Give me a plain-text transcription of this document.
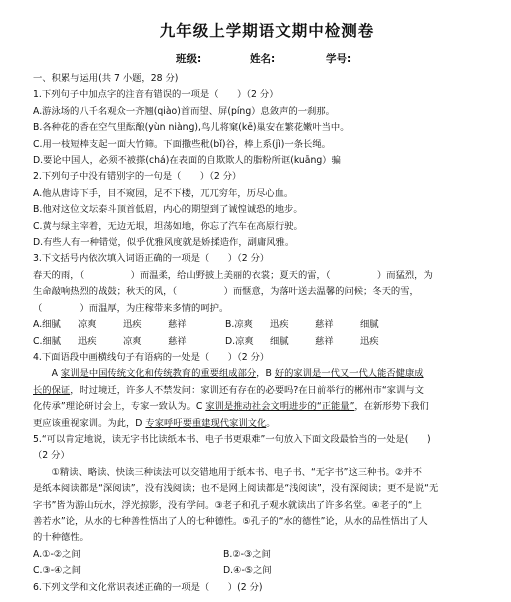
九年级上学期语文期中检测卷
班级:	姓名:	学号:
一、积累与运用(共 7 小题，28 分)
1.下列句子中加点字的注音有错误的一项是（　　）（2 分）
A.游泳场的八千名观众一齐翘(qiào)首而望、屏(píng）息敛声的一刹那。
B.各种花的香在空气里酝酿(yùn niàng),鸟儿将窠(kē)巢安在繁花嫩叶当中。
C.用一枝短棒支起一面大竹筛。下面撒些秕(bǐ)谷，棒上系(jì)一条长绳。
D.要论中国人，必须不被搽(chá)在表面的自欺欺人的脂粉所诓(kuāng）骗
2.下列句子中没有错别字的一句是（　　）（2 分）
A.他从唐诗下手，目不窥园，足不下楼，兀兀穷年，历尽心血。
B.他对这位文坛泰斗顶首低眉，内心的期望到了诚惶诚恐的地步。
C.黄与绿主宰着，无边无垠，坦荡如地，你忘了汽车在高原行驶。
D.有些人有一种错觉，似乎优雅风度就是娇揉造作，副庸风雅。
3.下文括号内依次填入词语正确的一项是（　　）（2 分）
春天的雨，（　　　　　）而温柔，给山野披上美丽的衣裳；夏天的雷，（　　　　　）而猛烈，为
生命敲响热烈的战鼓；秋天的风，（　　　　　）而惬意，为落叶送去温馨的问候；冬天的雪，
（　　　　）而温厚，为庄稼带来多情的呵护。
A.细腻 凉爽	迅疾	慈祥	B.凉爽 迅疾	慈祥	细腻
C.细腻 迅疾	凉爽	慈祥	D.凉爽 细腻	慈祥	迅疾
4.下面语段中画横线句子有语病的一处是（　　）（2 分）
A 家训是中国传统文化和传统教育的重要组成部分，B 好的家训是一代又一代人能否健康成
长的保证，时过境迁，许多人不禁发问：家训还有存在的必要吗?在日前举行的郴州市“家训与文
化传承”理论研讨会上，专家一致认为。C 家训是推动社会文明进步的“正能量”，在新形势下我们
更应该重视家训。为此，D 专家呼吁要重建现代家训文化。
5.“可以肯定地说，读无字书比读纸本书、电子书更艰难”一句放入下面文段最恰当的一处是(　　)
（2 分）
①精读、略读、快读三种读法可以交错地用于纸本书、电子书、“无字书”这三种书。②并不
是纸本阅读都是“深阅读”，没有浅阅读；也不是网上阅读都是“浅阅读”，没有深阅读；更不是说“无
字书”皆为游山玩水，浮光掠影，没有学问。③老子和孔子观水就读出了许多名堂。④老子的“上
善若水”论，从水的七种善性悟出了人的七种德性。⑤孔子的“水的德性”论，从水的品性悟出了人
的十种德性。
A.①-②之间	B.②-③之间
C.③-④之间	D.④-⑤之间
6.下列文学和文化常识表述正确的一项是（　　）(2 分)
